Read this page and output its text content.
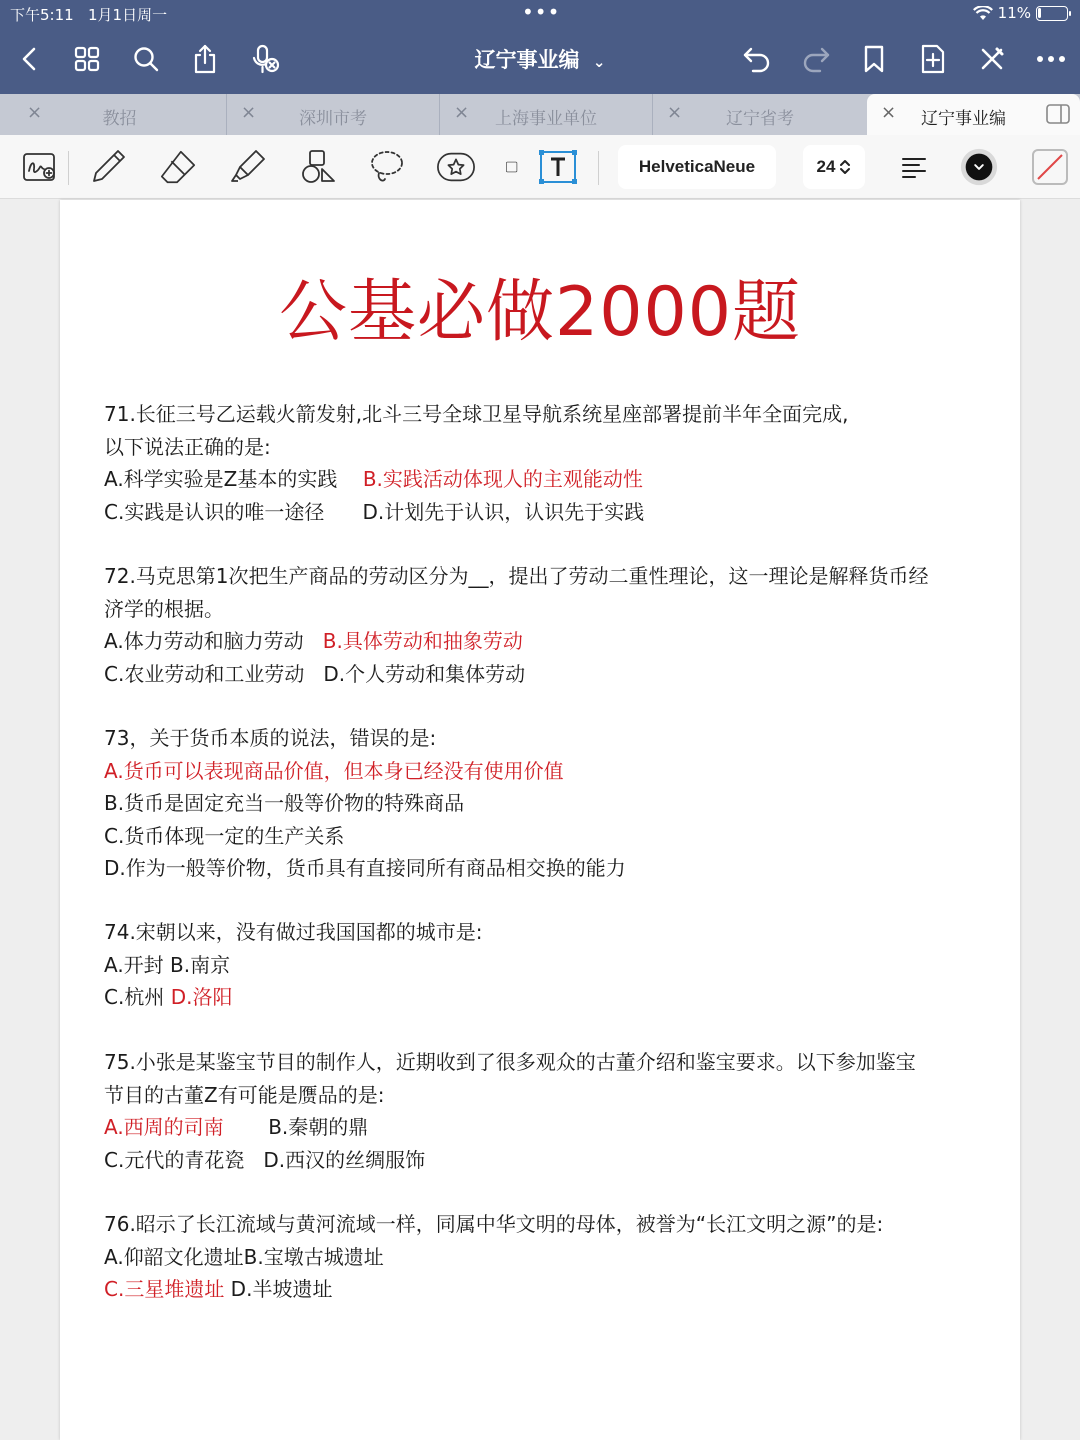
下午5:11 1月1日周一	•••	11%
辽宁事业编 ⌄
×	教招	×	深圳市考	×	上海事业单位	×	辽宁省考	×	辽宁事业编
HelveticaNeue	24
公基必做2000题
71.长征三号乙运载火箭发射,北斗三号全球卫星导航系统星座部署提前半年全面完成,
以下说法正确的是:
A.科学实验是Z基本的实践    B.实践活动体现人的主观能动性
C.实践是认识的唯一途径      D.计划先于认识，认识先于实践
72.马克思第1次把生产商品的劳动区分为__，提出了劳动二重性理论，这一理论是解释货币经
济学的根据。
A.体力劳动和脑力劳动   B.具体劳动和抽象劳动
C.农业劳动和工业劳动   D.个人劳动和集体劳动
73，关于货币本质的说法，错误的是:
A.货币可以表现商品价值，但本身已经没有使用价值
B.货币是固定充当一般等价物的特殊商品
C.货币体现一定的生产关系
D.作为一般等价物，货币具有直接同所有商品相交换的能力
74.宋朝以来，没有做过我国国都的城市是:
A.开封 B.南京
C.杭州 D.洛阳
75.小张是某鉴宝节目的制作人，近期收到了很多观众的古董介绍和鉴宝要求。以下参加鉴宝
节目的古董Z有可能是赝品的是:
A.西周的司南       B.秦朝的鼎
C.元代的青花瓷   D.西汉的丝绸服饰
76.昭示了长江流域与黄河流域一样，同属中华文明的母体，被誉为“长江文明之源”的是:
A.仰韶文化遗址B.宝墩古城遗址
C.三星堆遗址 D.半坡遗址
